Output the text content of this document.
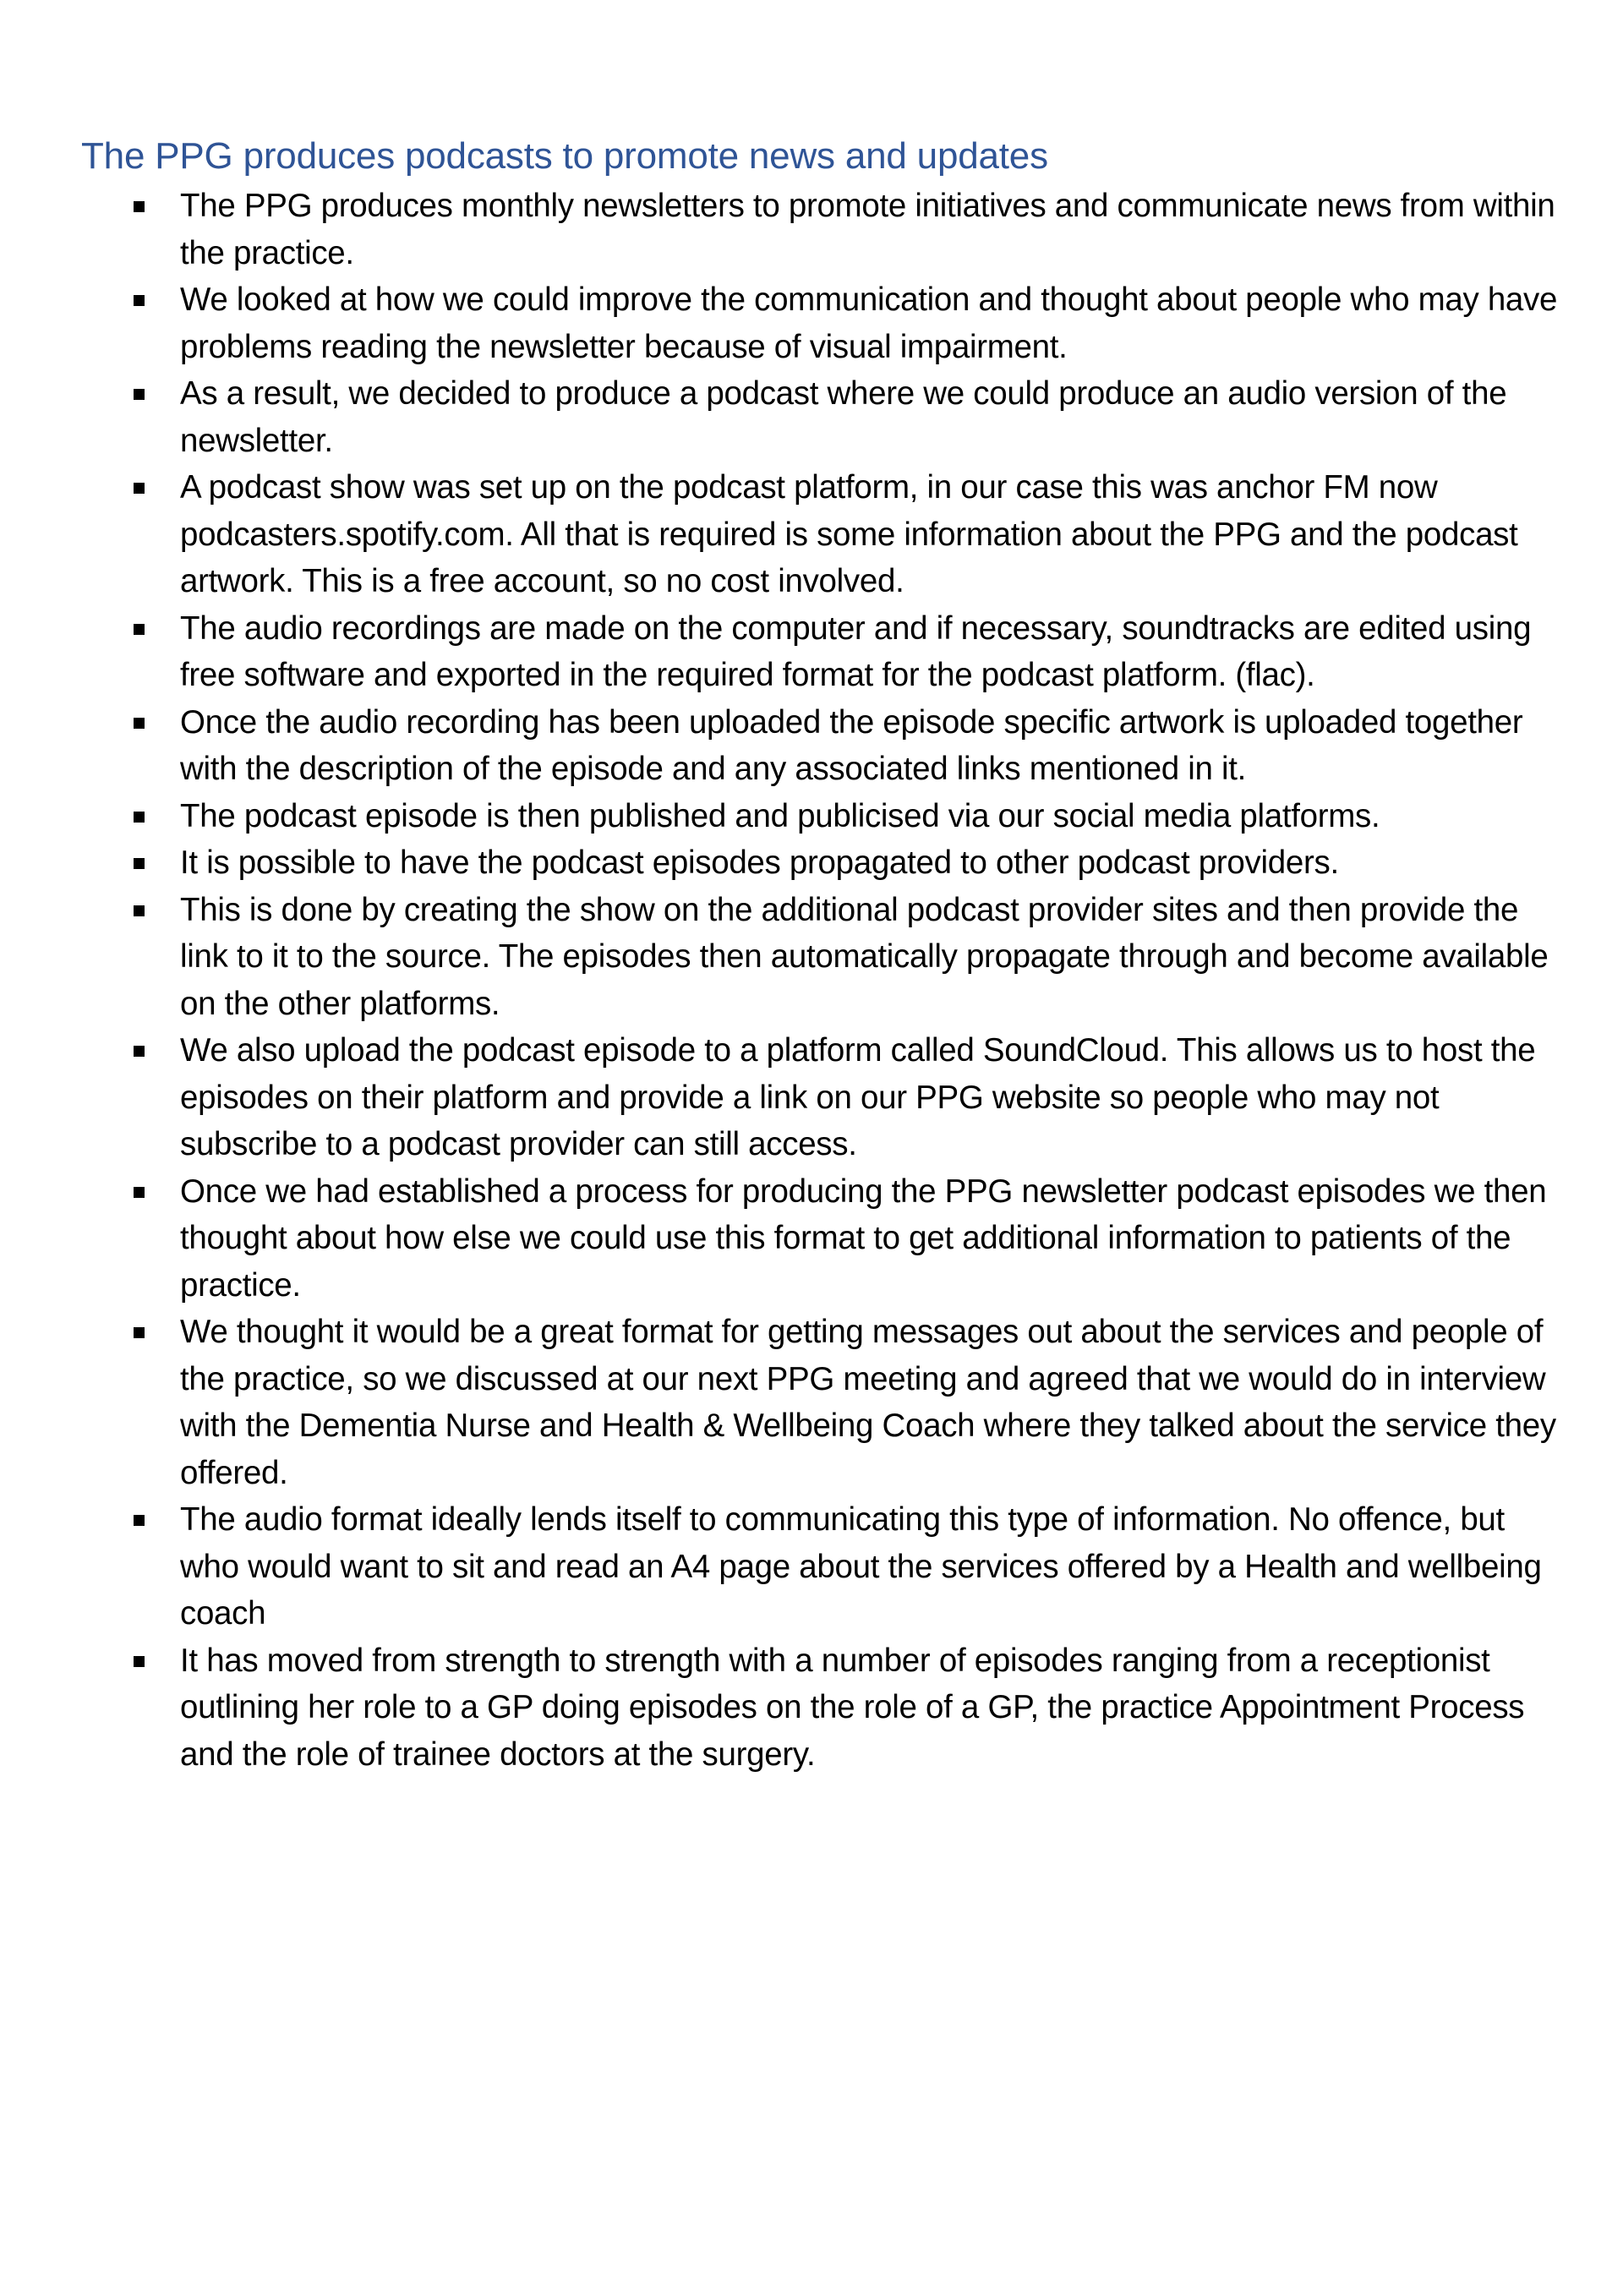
The PPG produces podcasts to promote news and updates
The PPG produces monthly newsletters to promote initiatives and communicate news from within the practice.
We looked at how we could improve the communication and thought about people who may have problems reading the newsletter because of visual impairment.
As a result, we decided to produce a podcast where we could produce an audio version of the newsletter.
A podcast show was set up on the podcast platform, in our case this was anchor FM now podcasters.spotify.com. All that is required is some information about the PPG and the podcast artwork. This is a free account, so no cost involved.
The audio recordings are made on the computer and if necessary, soundtracks are edited using free software and exported in the required format for the podcast platform. (flac).
Once the audio recording has been uploaded the episode specific artwork is uploaded together with the description of the episode and any associated links mentioned in it.
The podcast episode is then published and publicised via our social media platforms.
It is possible to have the podcast episodes propagated to other podcast providers.
This is done by creating the show on the additional podcast provider sites and then provide the link to it to the source. The episodes then automatically propagate through and become available on the other platforms.
We also upload the podcast episode to a platform called SoundCloud. This allows us to host the episodes on their platform and provide a link on our PPG website so people who may not subscribe to a podcast provider can still access.
Once we had established a process for producing the PPG newsletter podcast episodes we then thought about how else we could use this format to get additional information to patients of the practice.
We thought it would be a great format for getting messages out about the services and people of the practice, so we discussed at our next PPG meeting and agreed that we would do in interview with the Dementia Nurse and Health & Wellbeing Coach where they talked about the service they offered.
The audio format ideally lends itself to communicating this type of information. No offence, but who would want to sit and read an A4 page about the services offered by a Health and wellbeing coach
It has moved from strength to strength with a number of episodes ranging from a receptionist outlining her role to a GP doing episodes on the role of a GP, the practice Appointment Process and the role of trainee doctors at the surgery.
